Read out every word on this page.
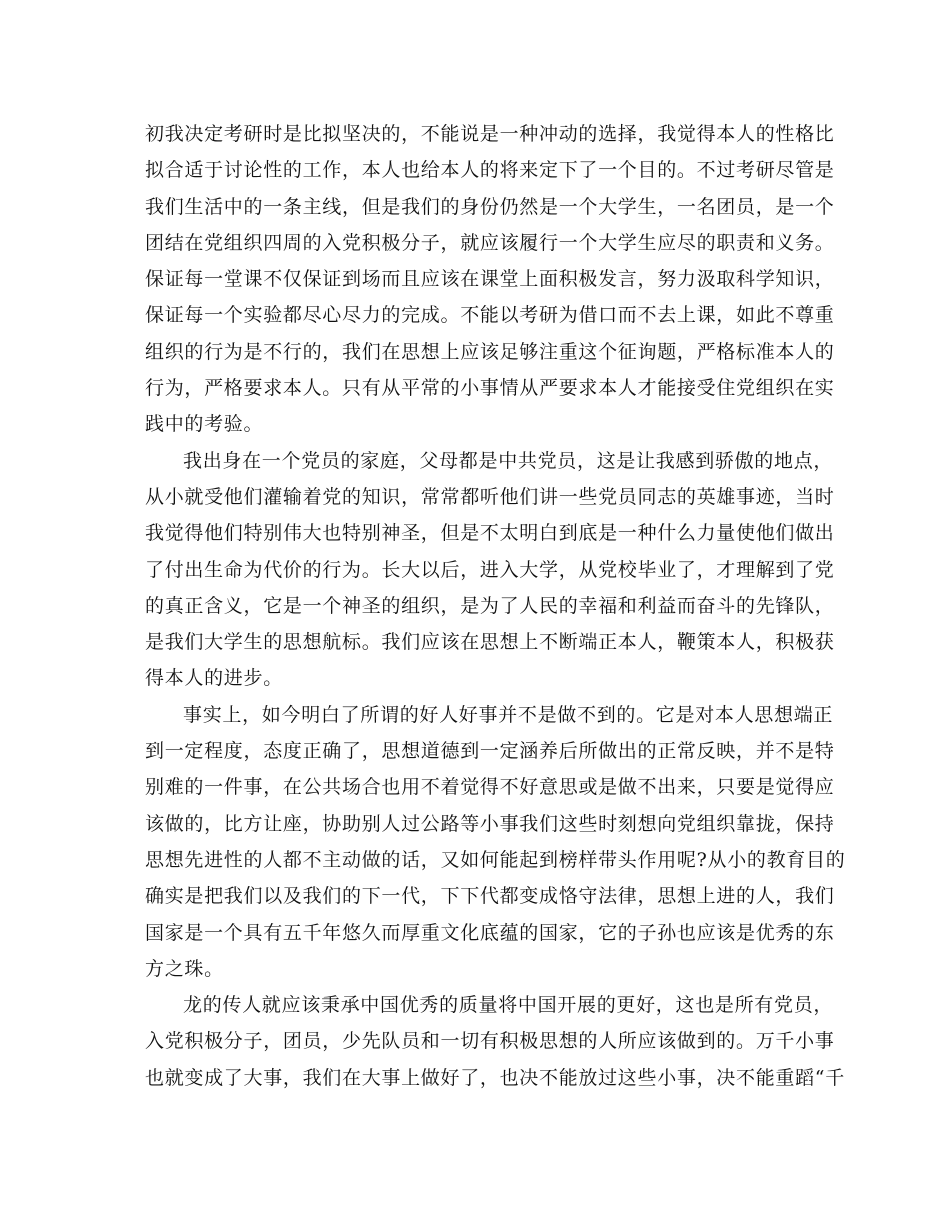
初我决定考研时是比拟坚决的，不能说是一种冲动的选择，我觉得本人的性格比
拟合适于讨论性的工作，本人也给本人的将来定下了一个目的。不过考研尽管是
我们生活中的一条主线，但是我们的身份仍然是一个大学生，一名团员，是一个
团结在党组织四周的入党积极分子，就应该履行一个大学生应尽的职责和义务。
保证每一堂课不仅保证到场而且应该在课堂上面积极发言，努力汲取科学知识，
保证每一个实验都尽心尽力的完成。不能以考研为借口而不去上课，如此不尊重
组织的行为是不行的，我们在思想上应该足够注重这个征询题，严格标准本人的
行为，严格要求本人。只有从平常的小事情从严要求本人才能接受住党组织在实
践中的考验。
我出身在一个党员的家庭，父母都是中共党员，这是让我感到骄傲的地点，
从小就受他们灌输着党的知识，常常都听他们讲一些党员同志的英雄事迹，当时
我觉得他们特别伟大也特别神圣，但是不太明白到底是一种什么力量使他们做出
了付出生命为代价的行为。长大以后，进入大学，从党校毕业了，才理解到了党
的真正含义，它是一个神圣的组织，是为了人民的幸福和利益而奋斗的先锋队，
是我们大学生的思想航标。我们应该在思想上不断端正本人，鞭策本人，积极获
得本人的进步。
事实上，如今明白了所谓的好人好事并不是做不到的。它是对本人思想端正
到一定程度，态度正确了，思想道德到一定涵养后所做出的正常反映，并不是特
别难的一件事，在公共场合也用不着觉得不好意思或是做不出来，只要是觉得应
该做的，比方让座，协助别人过公路等小事我们这些时刻想向党组织靠拢，保持
思想先进性的人都不主动做的话，又如何能起到榜样带头作用呢?从小的教育目的
确实是把我们以及我们的下一代，下下代都变成恪守法律，思想上进的人，我们
国家是一个具有五千年悠久而厚重文化底蕴的国家，它的子孙也应该是优秀的东
方之珠。
龙的传人就应该秉承中国优秀的质量将中国开展的更好，这也是所有党员，
入党积极分子，团员，少先队员和一切有积极思想的人所应该做到的。万千小事
也就变成了大事，我们在大事上做好了，也决不能放过这些小事，决不能重蹈“千
